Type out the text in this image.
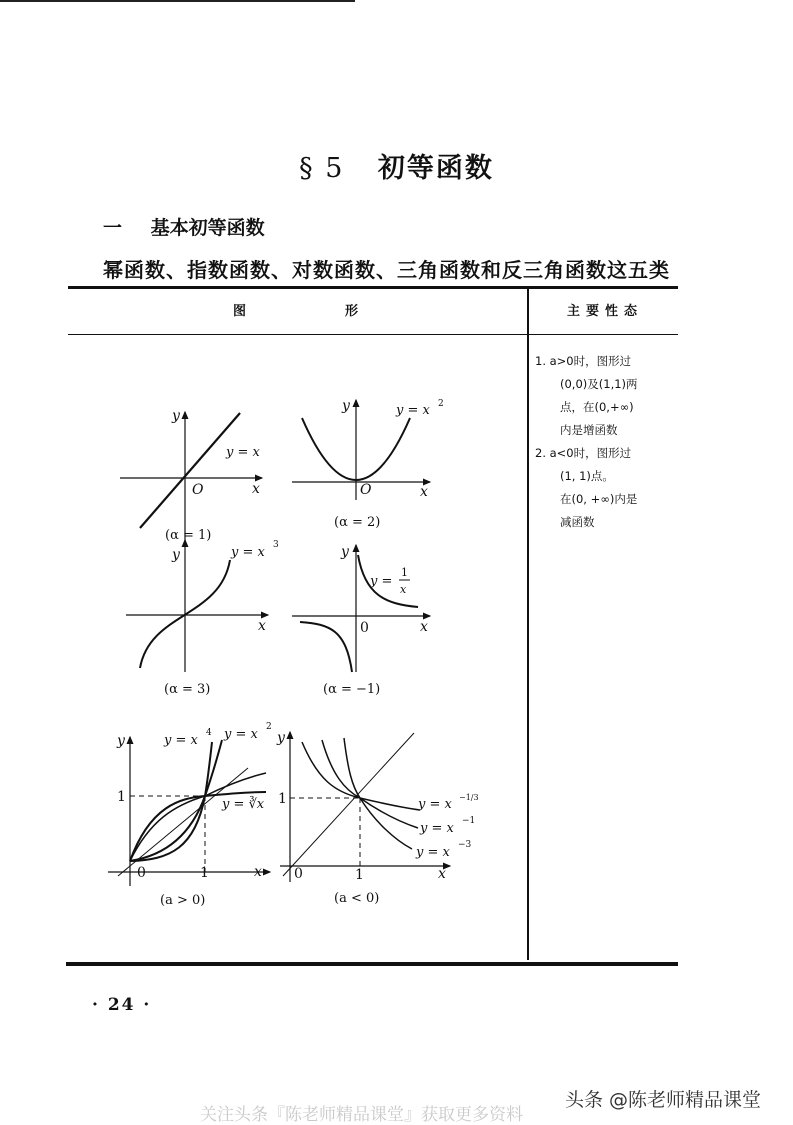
§ 5 初等函数
一 基本初等函数
幂函数、指数函数、对数函数、三角函数和反三角函数这五类
图	形	主要性态
1. a>0时，图形过
(0,0)及(1,1)两
点，在(0,+∞)
内是增函数
2. a<0时，图形过
(1, 1)点。
在(0, +∞)内是
减函数
y
x
O
y = x
(α = 1)
y
x
O
y = x 2
(α = 2)
y
x
y = x 3
(α = 3)
y
x
0
y =
1
x
(α = −1)
y
x
0
1
1
y = x 4 y = x 2
y = ∛x
(a > 0)
y
x
0
1
1
y = x −1/3
y = x −1
y = x −3
(a < 0)
· 24 ·
头条 @陈老师精品课堂
关注头条『陈老师精品课堂』获取更多资料
